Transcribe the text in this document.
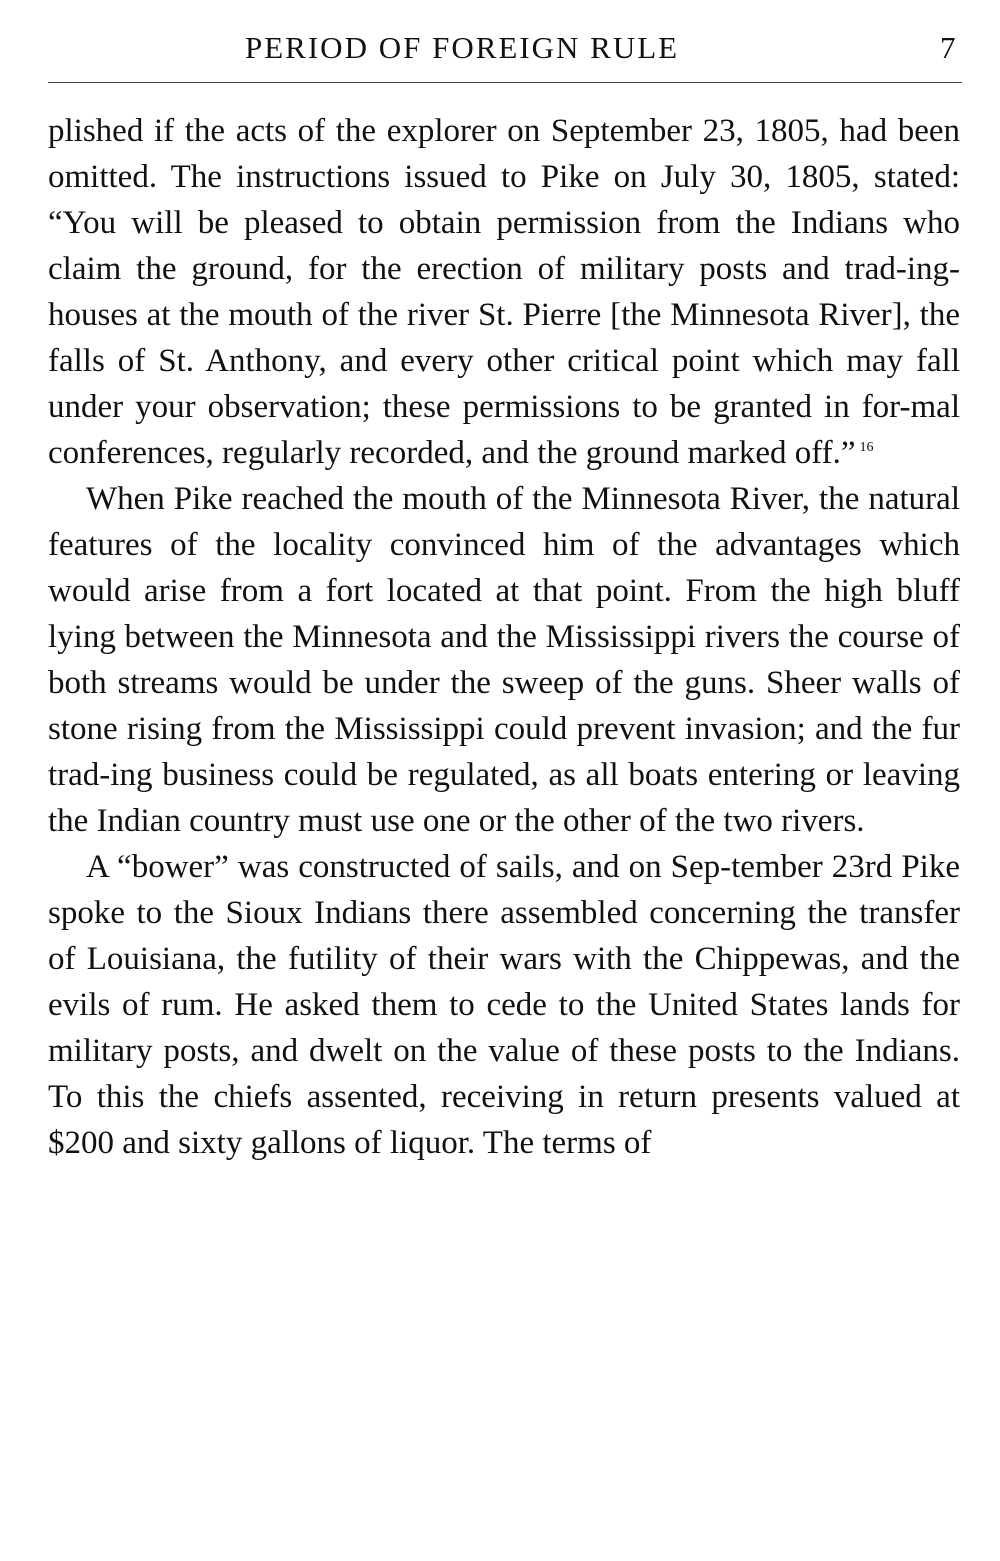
PERIOD OF FOREIGN RULE	7

plished if the acts of the explorer on September 23, 1805, had been omitted. The instructions issued to Pike on July 30, 1805, stated: “You will be pleased to obtain permission from the Indians who claim the ground, for the erection of military posts and trad-ing-houses at the mouth of the river St. Pierre [the Minnesota River], the falls of St. Anthony, and every other critical point which may fall under your observation; these permissions to be granted in for-mal conferences, regularly recorded, and the ground marked off.” $^{16}$

When Pike reached the mouth of the Minnesota River, the natural features of the locality convinced him of the advantages which would arise from a fort located at that point. From the high bluff lying between the Minnesota and the Mississippi rivers the course of both streams would be under the sweep of the guns. Sheer walls of stone rising from the Mississippi could prevent invasion; and the fur trad-ing business could be regulated, as all boats entering or leaving the Indian country must use one or the other of the two rivers.

A “bower” was constructed of sails, and on Sep-tember 23rd Pike spoke to the Sioux Indians there assembled concerning the transfer of Louisiana, the futility of their wars with the Chippewas, and the evils of rum. He asked them to cede to the United States lands for military posts, and dwelt on the value of these posts to the Indians. To this the chiefs assented, receiving in return presents valued at $200 and sixty gallons of liquor. The terms of
